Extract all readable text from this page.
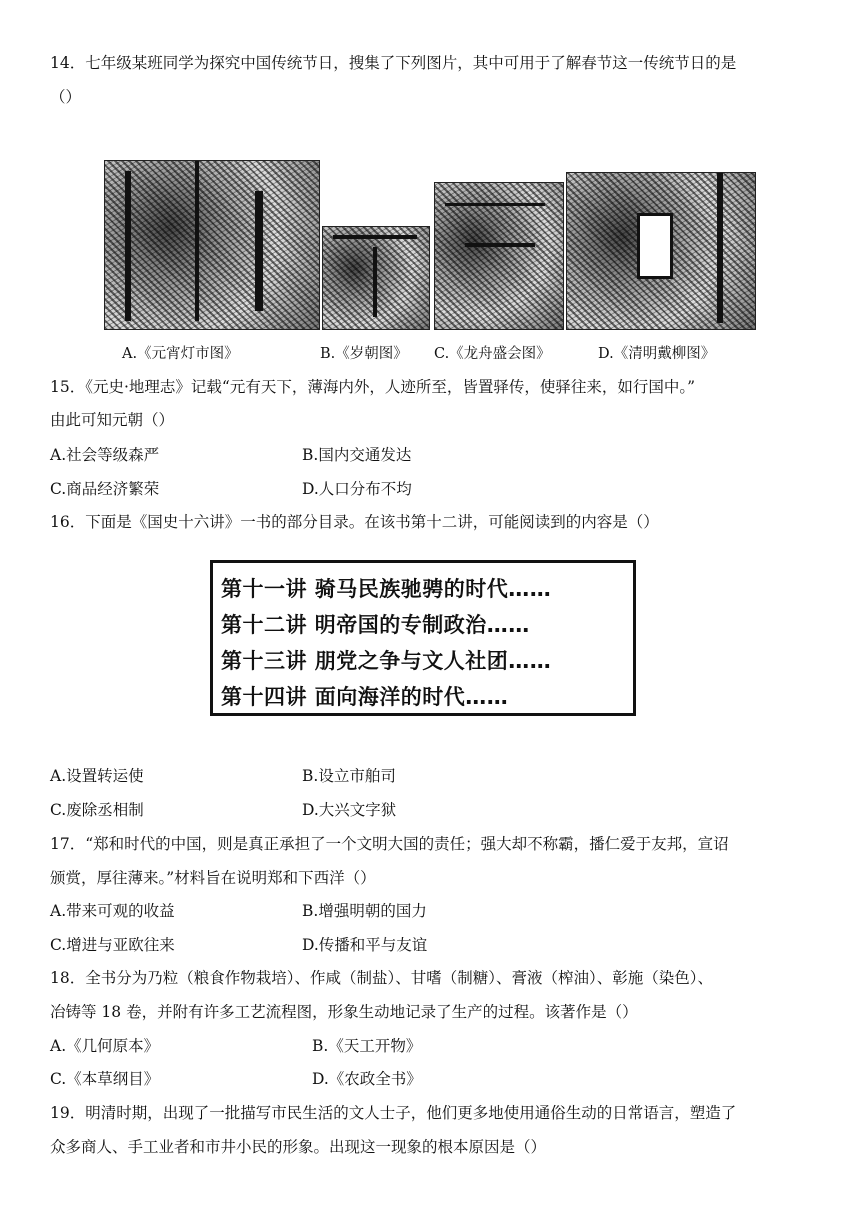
14．七年级某班同学为探究中国传统节日，搜集了下列图片，其中可用于了解春节这一传统节日的是
（）
A.《元宵灯市图》	B.《岁朝图》 C.《龙舟盛会图》	D.《清明戴柳图》
15．《元史·地理志》记载“元有天下，薄海内外，人迹所至，皆置驿传，使驿往来，如行国中。”
由此可知元朝（）
A.社会等级森严	B.国内交通发达
C.商品经济繁荣	D.人口分布不均
16．下面是《国史十六讲》一书的部分目录。在该书第十二讲，可能阅读到的内容是（）
第十一讲 骑马民族驰骋的时代……
第十二讲 明帝国的专制政治……
第十三讲 朋党之争与文人社团……
第十四讲 面向海洋的时代……
A.设置转运使	B.设立市舶司
C.废除丞相制	D.大兴文字狱
17．“郑和时代的中国，则是真正承担了一个文明大国的责任；强大却不称霸，播仁爱于友邦，宣诏
颁赏，厚往薄来。”材料旨在说明郑和下西洋（）
A.带来可观的收益	B.增强明朝的国力
C.增进与亚欧往来	D.传播和平与友谊
18．全书分为乃粒（粮食作物栽培）、作咸（制盐）、甘嗜（制糖）、膏液（榨油）、彰施（染色）、
冶铸等 18 卷，并附有许多工艺流程图，形象生动地记录了生产的过程。该著作是（）
A.《几何原本》	B.《天工开物》
C.《本草纲目》	D.《农政全书》
19．明清时期，出现了一批描写市民生活的文人士子，他们更多地使用通俗生动的日常语言，塑造了
众多商人、手工业者和市井小民的形象。出现这一现象的根本原因是（）
